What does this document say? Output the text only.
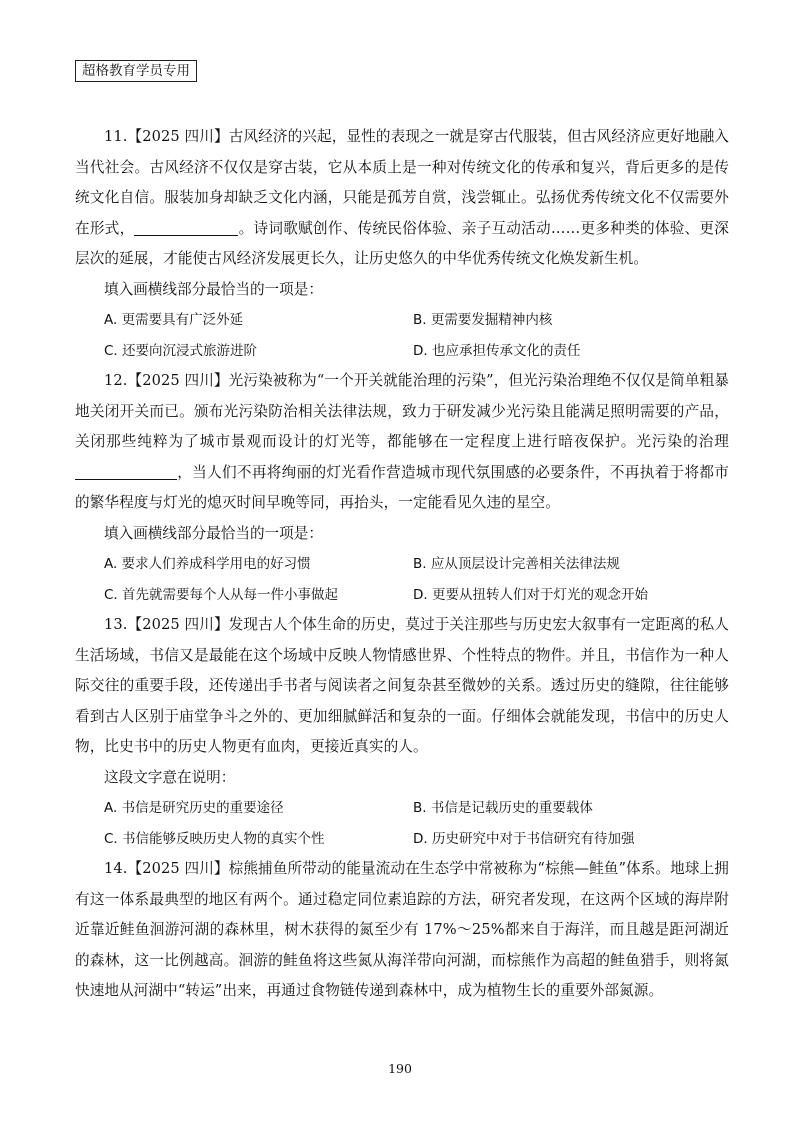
超格教育学员专用

11.【2025 四川】古风经济的兴起，显性的表现之一就是穿古代服装，但古风经济应更好地融入当代社会。古风经济不仅仅是穿古装，它从本质上是一种对传统文化的传承和复兴，背后更多的是传统文化自信。服装加身却缺乏文化内涵，只能是孤芳自赏，浅尝辄止。弘扬优秀传统文化不仅需要外在形式，	。诗词歌赋创作、传统民俗体验、亲子互动活动……更多种类的体验、更深层次的延展，才能使古风经济发展更长久，让历史悠久的中华优秀传统文化焕发新生机。

填入画横线部分最恰当的一项是：

A. 更需要具有广泛外延	B. 更需要发掘精神内核
C. 还要向沉浸式旅游进阶	D. 也应承担传承文化的责任

12.【2025 四川】光污染被称为“一个开关就能治理的污染”，但光污染治理绝不仅仅是简单粗暴地关闭开关而已。颁布光污染防治相关法律法规，致力于研发减少光污染且能满足照明需要的产品，关闭那些纯粹为了城市景观而设计的灯光等，都能够在一定程度上进行暗夜保护。光污染的治理，当人们不再将绚丽的灯光看作营造城市现代氛围感的必要条件，不再执着于将都市的繁华程度与灯光的熄灭时间早晚等同，再抬头，一定能看见久违的星空。

填入画横线部分最恰当的一项是：

A. 要求人们养成科学用电的好习惯	B. 应从顶层设计完善相关法律法规
C. 首先就需要每个人从每一件小事做起	D. 更要从扭转人们对于灯光的观念开始

13.【2025 四川】发现古人个体生命的历史，莫过于关注那些与历史宏大叙事有一定距离的私人生活场域，书信又是最能在这个场域中反映人物情感世界、个性特点的物件。并且，书信作为一种人际交往的重要手段，还传递出手书者与阅读者之间复杂甚至微妙的关系。透过历史的缝隙，往往能够看到古人区别于庙堂争斗之外的、更加细腻鲜活和复杂的一面。仔细体会就能发现，书信中的历史人物，比史书中的历史人物更有血肉，更接近真实的人。

这段文字意在说明：

A. 书信是研究历史的重要途径	B. 书信是记载历史的重要载体
C. 书信能够反映历史人物的真实个性	D. 历史研究中对于书信研究有待加强

14.【2025 四川】棕熊捕鱼所带动的能量流动在生态学中常被称为“棕熊—鲑鱼”体系。地球上拥有这一体系最典型的地区有两个。通过稳定同位素追踪的方法，研究者发现，在这两个区域的海岸附近靠近鲑鱼洄游河湖的森林里，树木获得的氮至少有 17%～25%都来自于海洋，而且越是距河湖近的森林，这一比例越高。洄游的鲑鱼将这些氮从海洋带向河湖，而棕熊作为高超的鲑鱼猎手，则将氮快速地从河湖中“转运”出来，再通过食物链传递到森林中，成为植物生长的重要外部氮源。

190
